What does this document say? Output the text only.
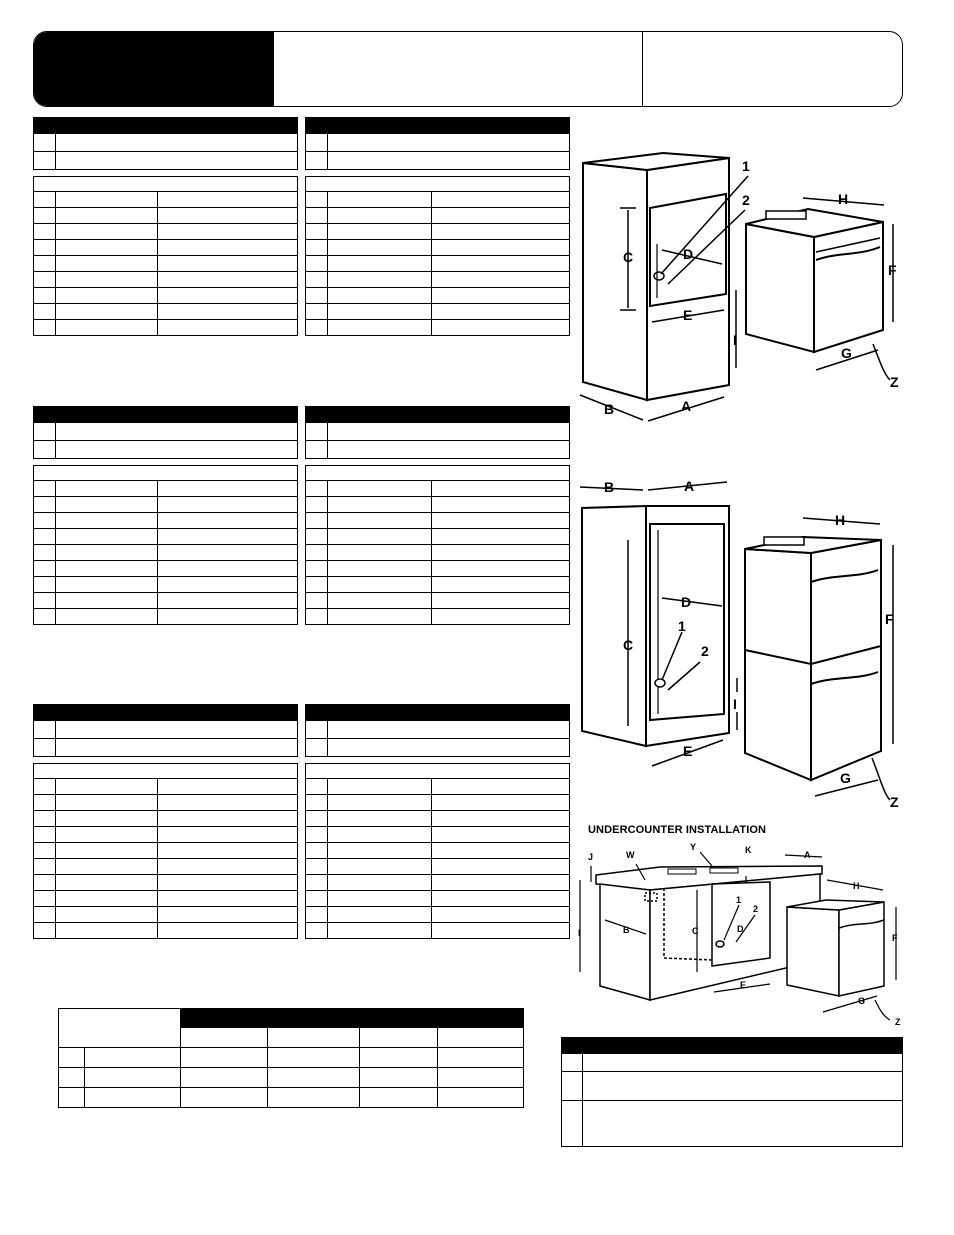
C	D
E
I
B	A
H
F
G
Z
1
2
B	A
C
D
E
I
H
F
G
Z
1
2
UNDERCOUNTER INSTALLATION
J	W
Y	K	A
H
I	B	C
1
2
D
F
E
G
Z
